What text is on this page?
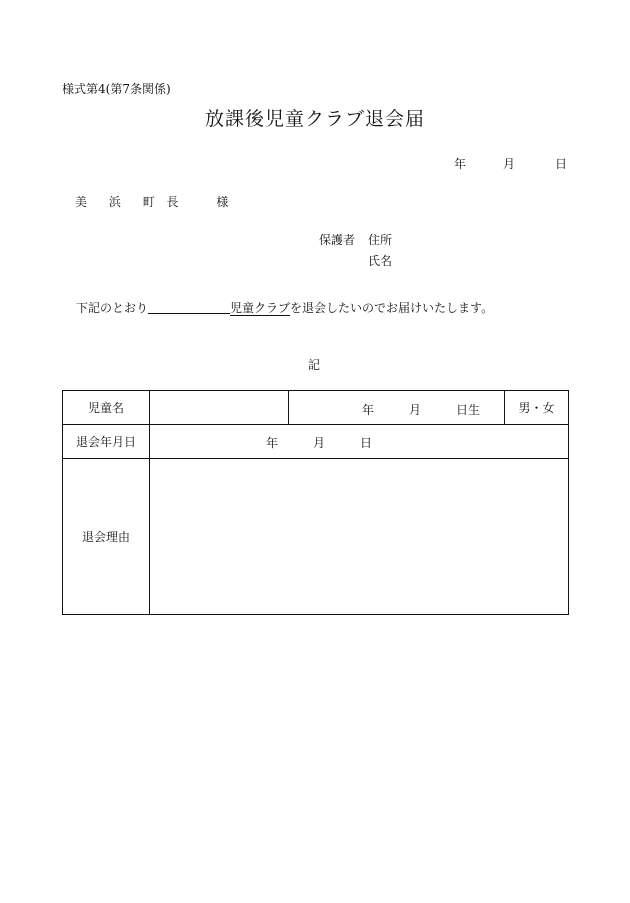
様式第4(第7条関係)
放課後児童クラブ退会届
年	月	日
美 浜 町 長	様
保護者 住所
氏名
下記のとおり	児童クラブを退会したいのでお届けいたします。
記
児童名		年 月 日生	男・女
退会年月日	年 月 日		

退会理由			
